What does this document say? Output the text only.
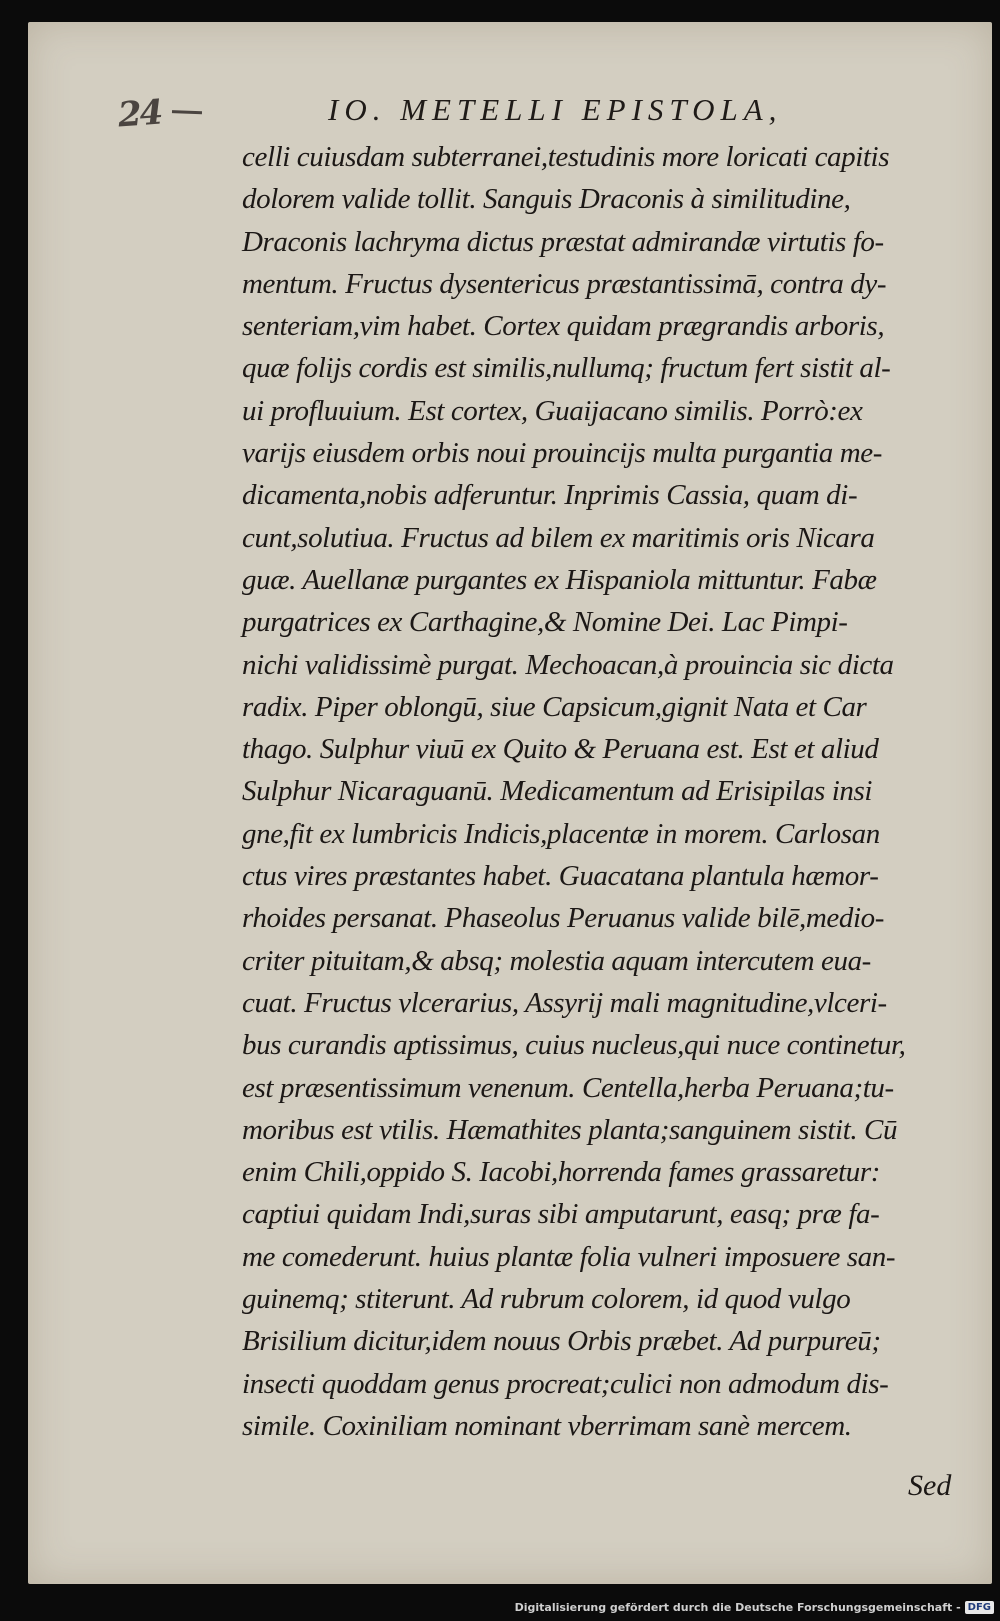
24	IO. METELLI EPISTOLA,
celli cuiusdam subterranei,testudinis more loricati capitis
dolorem valide tollit. Sanguis Draconis à similitudine,
Draconis lachryma dictus præstat admirandæ virtutis fo-
mentum. Fructus dysentericus præstantissimā, contra dy-
senteriam,vim habet. Cortex quidam prægrandis arboris,
quæ folijs cordis est similis,nullumq; fructum fert sistit al-
ui profluuium. Est cortex, Guaijacano similis. Porrò:ex
varijs eiusdem orbis noui prouincijs multa purgantia me-
dicamenta,nobis adferuntur. Inprimis Cassia, quam di-
cunt,solutiua. Fructus ad bilem ex maritimis oris Nicara
guæ. Auellanæ purgantes ex Hispaniola mittuntur. Fabæ
purgatrices ex Carthagine,& Nomine Dei. Lac Pimpi-
nichi validissimè purgat. Mechoacan,à prouincia sic dicta
radix. Piper oblongū, siue Capsicum,gignit Nata et Car
thago. Sulphur viuū ex Quito & Peruana est. Est et aliud
Sulphur Nicaraguanū. Medicamentum ad Erisipilas insi
gne,fit ex lumbricis Indicis,placentæ in morem. Carlosan
ctus vires præstantes habet. Guacatana plantula hæmor-
rhoides persanat. Phaseolus Peruanus valide bilē,medio-
criter pituitam,& absq; molestia aquam intercutem eua-
cuat. Fructus vlcerarius, Assyrij mali magnitudine,vlceri-
bus curandis aptissimus, cuius nucleus,qui nuce continetur,
est præsentissimum venenum. Centella,herba Peruana;tu-
moribus est vtilis. Hæmathites planta;sanguinem sistit. Cū
enim Chili,oppido S. Iacobi,horrenda fames grassaretur:
captiui quidam Indi,suras sibi amputarunt, easq; præ fa-
me comederunt. huius plantæ folia vulneri imposuere san-
guinemq; stiterunt. Ad rubrum colorem, id quod vulgo
Brisilium dicitur,idem nouus Orbis præbet. Ad purpureū;
insecti quoddam genus procreat;culici non admodum dis-
simile. Coxiniliam nominant vberrimam sanè mercem.
Sed
Digitalisierung gefördert durch die Deutsche Forschungsgemeinschaft - DFG
